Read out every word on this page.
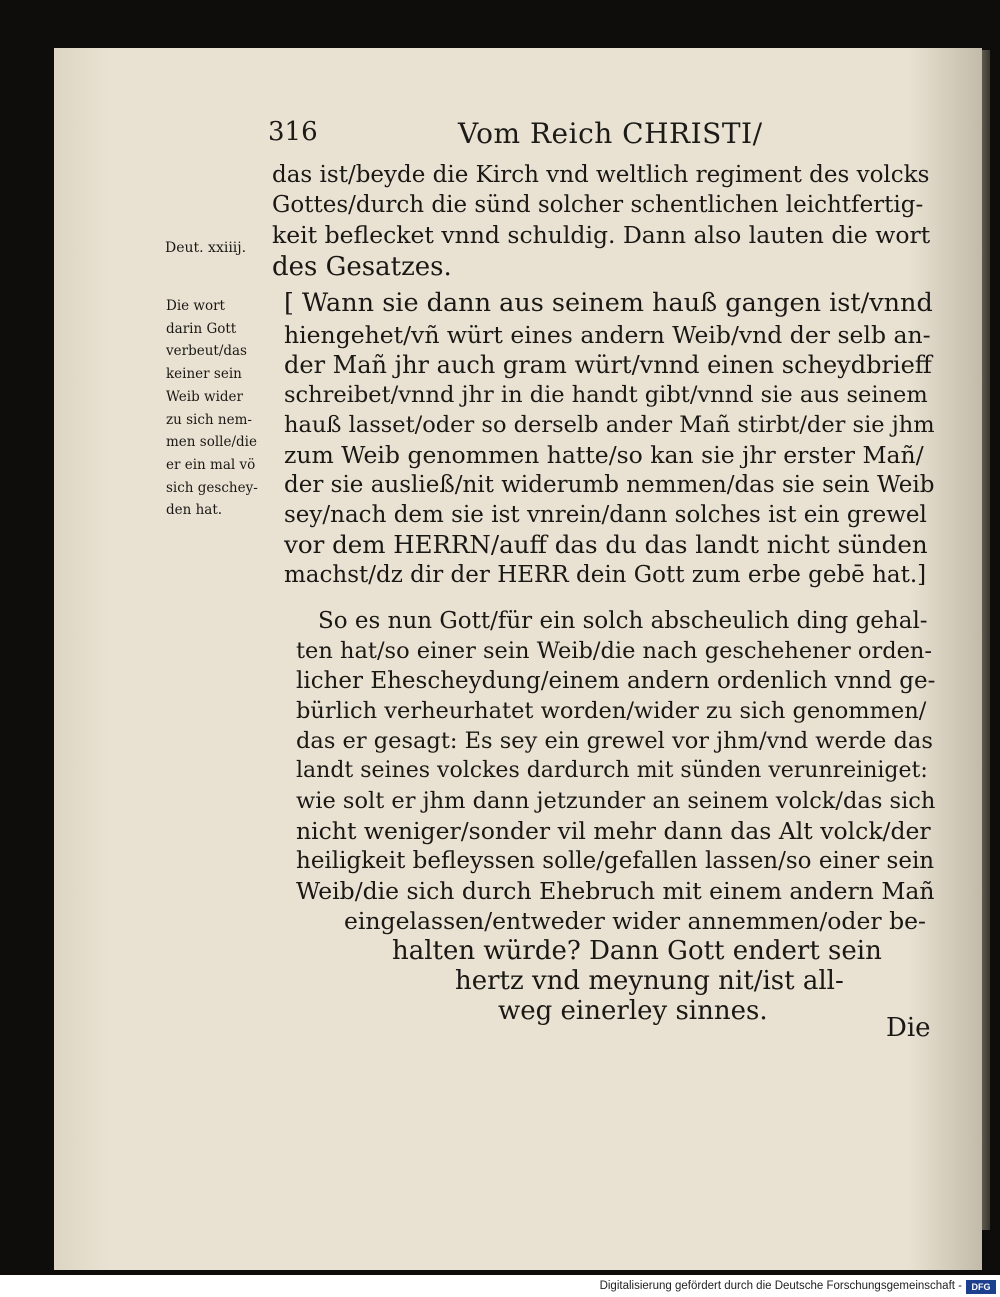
316	Vom Reich CHRISTI/
Deut. xxiiij.
Die wort
darin Gott
verbeut/das
keiner sein
Weib wider
zu sich nem-
men solle/die
er ein mal vö
sich geschey-
den hat.
das ist/beyde die Kirch vnd weltlich regiment des volcks
Gottes/durch die sünd solcher schentlichen leichtfertig-
keit beflecket vnnd schuldig. Dann also lauten die wort
des Gesatzes.
[ Wann sie dann aus seinem hauß gangen ist/vnnd
hiengehet/vñ würt eines andern Weib/vnd der selb an-
der Mañ jhr auch gram würt/vnnd einen scheydbrieff
schreibet/vnnd jhr in die handt gibt/vnnd sie aus seinem
hauß lasset/oder so derselb ander Mañ stirbt/der sie jhm
zum Weib genommen hatte/so kan sie jhr erster Mañ/
der sie ausließ/nit widerumb nemmen/das sie sein Weib
sey/nach dem sie ist vnrein/dann solches ist ein grewel
vor dem HERRN/auff das du das landt nicht sünden
machst/dz dir der HERR dein Gott zum erbe gebē hat.]
So es nun Gott/für ein solch abscheulich ding gehal-
ten hat/so einer sein Weib/die nach geschehener orden-
licher Ehescheydung/einem andern ordenlich vnnd ge-
bürlich verheurhatet worden/wider zu sich genommen/
das er gesagt: Es sey ein grewel vor jhm/vnd werde das
landt seines volckes dardurch mit sünden verunreiniget:
wie solt er jhm dann jetzunder an seinem volck/das sich
nicht weniger/sonder vil mehr dann das Alt volck/der
heiligkeit befleyssen solle/gefallen lassen/so einer sein
Weib/die sich durch Ehebruch mit einem andern Mañ
eingelassen/entweder wider annemmen/oder be-
halten würde? Dann Gott endert sein
hertz vnd meynung nit/ist all-
weg einerley sinnes.
Die
Digitalisierung gefördert durch die Deutsche Forschungsgemeinschaft -	DFG
